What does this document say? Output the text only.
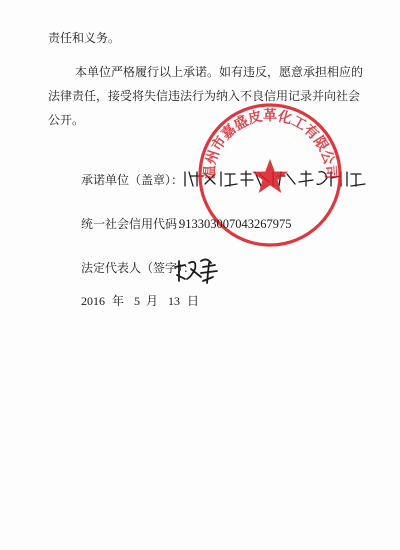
责任和义务。

本单位严格履行以上承诺。如有违反，愿意承担相应的

法律责任，接受将失信违法行为纳入不良信用记录并向社会

公开。

承诺单位（盖章）：

温州市嘉盛皮革化工有限公司

统一社会信用代码：

913303007043267975

法定代表人（签字）：

2016 年 5 月 13 日
